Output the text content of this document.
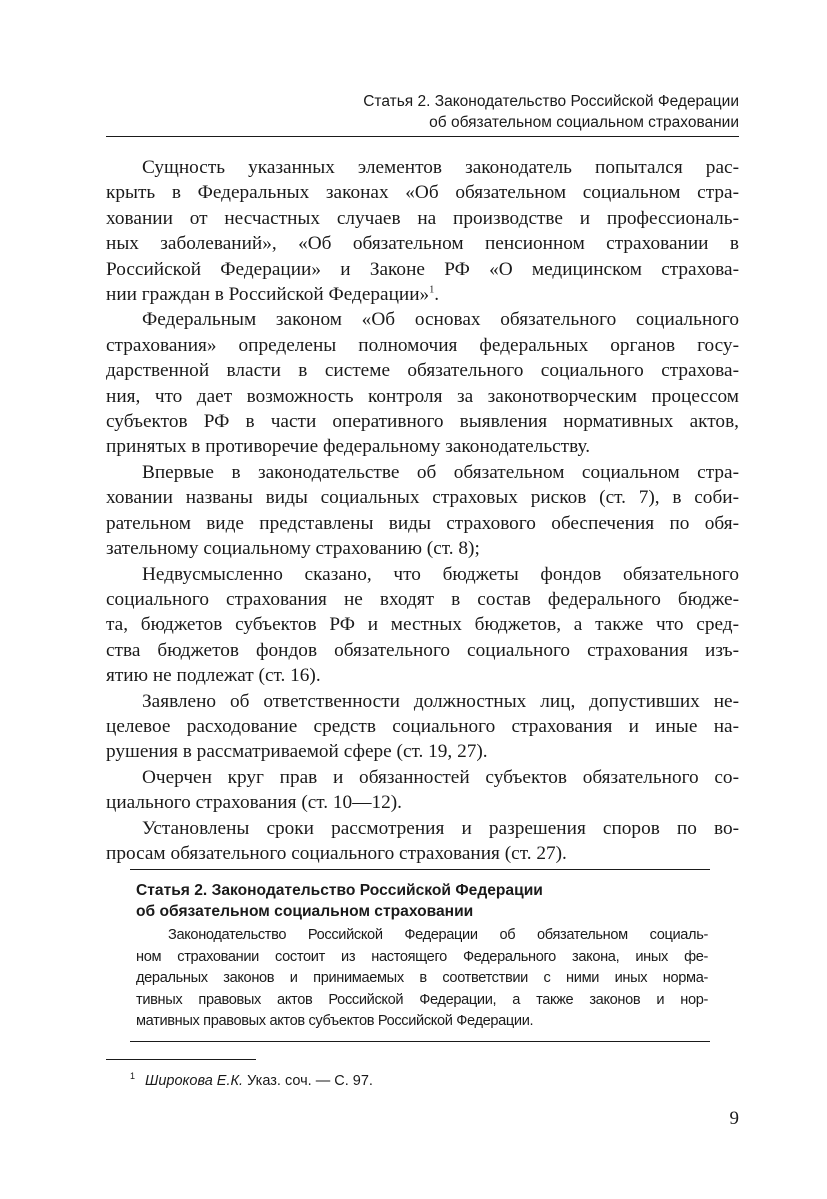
Статья 2. Законодательство Российской Федерации
об обязательном социальном страховании

Сущность указанных элементов законодатель попытался рас-
крыть в Федеральных законах «Об обязательном социальном стра-
ховании от несчастных случаев на производстве и профессиональ-
ных заболеваний», «Об обязательном пенсионном страховании в
Российской Федерации» и Законе РФ «О медицинском страхова-
нии граждан в Российской Федерации»$^1$.

Федеральным законом «Об основах обязательного социального
страхования» определены полномочия федеральных органов госу-
дарственной власти в системе обязательного социального страхова-
ния, что дает возможность контроля за законотворческим процессом
субъектов РФ в части оперативного выявления нормативных актов,
принятых в противоречие федеральному законодательству.

Впервые в законодательстве об обязательном социальном стра-
ховании названы виды социальных страховых рисков (ст. 7), в соби-
рательном виде представлены виды страхового обеспечения по обя-
зательному социальному страхованию (ст. 8);

Недвусмысленно сказано, что бюджеты фондов обязательного
социального страхования не входят в состав федерального бюдже-
та, бюджетов субъектов РФ и местных бюджетов, а также что сред-
ства бюджетов фондов обязательного социального страхования изъ-
ятию не подлежат (ст. 16).

Заявлено об ответственности должностных лиц, допустивших не-
целевое расходование средств социального страхования и иные на-
рушения в рассматриваемой сфере (ст. 19, 27).

Очерчен круг прав и обязанностей субъектов обязательного со-
циального страхования (ст. 10—12).

Установлены сроки рассмотрения и разрешения споров по во-
просам обязательного социального страхования (ст. 27).

Статья 2. Законодательство Российской Федерации
об обязательном социальном страховании
Законодательство Российской Федерации об обязательном социаль-
ном страховании состоит из настоящего Федерального закона, иных фе-
деральных законов и принимаемых в соответствии с ними иных норма-
тивных правовых актов Российской Федерации, а также законов и нор-
мативных правовых актов субъектов Российской Федерации.
$^1$ Широкова Е.К. Указ. соч. — С. 97.
9
